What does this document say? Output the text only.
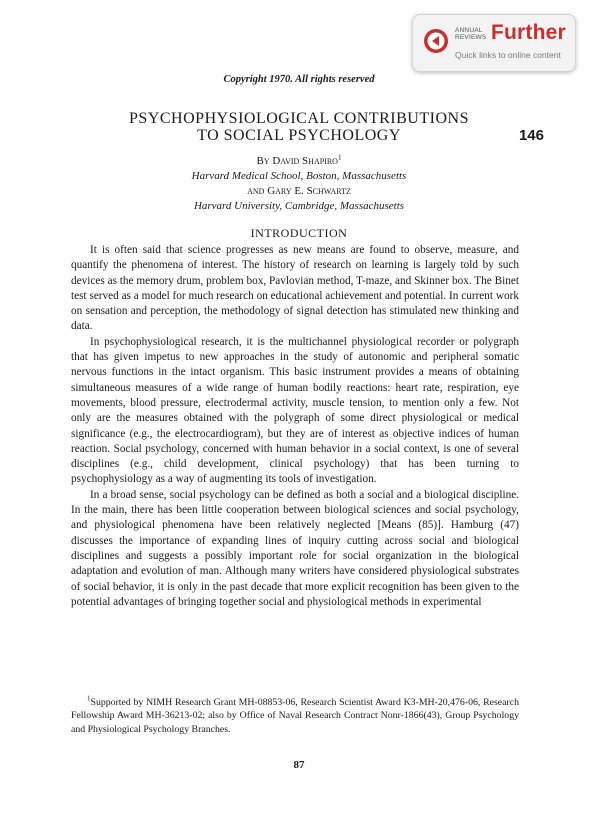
ANNUAL
REVIEWS Further
Quick links to online content
Copyright 1970. All rights reserved
PSYCHOPHYSIOLOGICAL CONTRIBUTIONS
TO SOCIAL PSYCHOLOGY	146
By David Shapiro$^1$
Harvard Medical School, Boston, Massachusetts
and Gary E. Schwartz
Harvard University, Cambridge, Massachusetts
INTRODUCTION

It is often said that science progresses as new means are found to observe, measure, and quantify the phenomena of interest. The history of research on learning is largely told by such devices as the memory drum, problem box, Pavlovian method, T-maze, and Skinner box. The Binet test served as a model for much research on educational achievement and potential. In current work on sensation and perception, the methodology of signal detection has stimulated new thinking and data.

In psychophysiological research, it is the multichannel physiological recorder or polygraph that has given impetus to new approaches in the study of autonomic and peripheral somatic nervous functions in the intact organism. This basic instrument provides a means of obtaining simultaneous measures of a wide range of human bodily reactions: heart rate, respiration, eye movements, blood pressure, electrodermal activity, muscle tension, to mention only a few. Not only are the measures obtained with the polygraph of some direct physiological or medical significance (e.g., the electrocardiogram), but they are of interest as objective indices of human reaction. Social psychology, concerned with human behavior in a social context, is one of several disciplines (e.g., child development, clinical psychology) that has been turning to psychophysiology as a way of augmenting its tools of investigation.

In a broad sense, social psychology can be defined as both a social and a biological discipline. In the main, there has been little cooperation between biological sciences and social psychology, and physiological phenomena have been relatively neglected [Means (85)]. Hamburg (47) discusses the importance of expanding lines of inquiry cutting across social and biological disciplines and suggests a possibly important role for social organization in the biological adaptation and evolution of man. Although many writers have considered physiological substrates of social behavior, it is only in the past decade that more explicit recognition has been given to the potential advantages of bringing together social and physiological methods in experimental

$^1$Supported by NIMH Research Grant MH-08853-06, Research Scientist Award K3-MH-20,476-06, Research Fellowship Award MH-36213-02; also by Office of Naval Research Contract Nonr-1866(43), Group Psychology and Physiological Psychology Branches.

87
